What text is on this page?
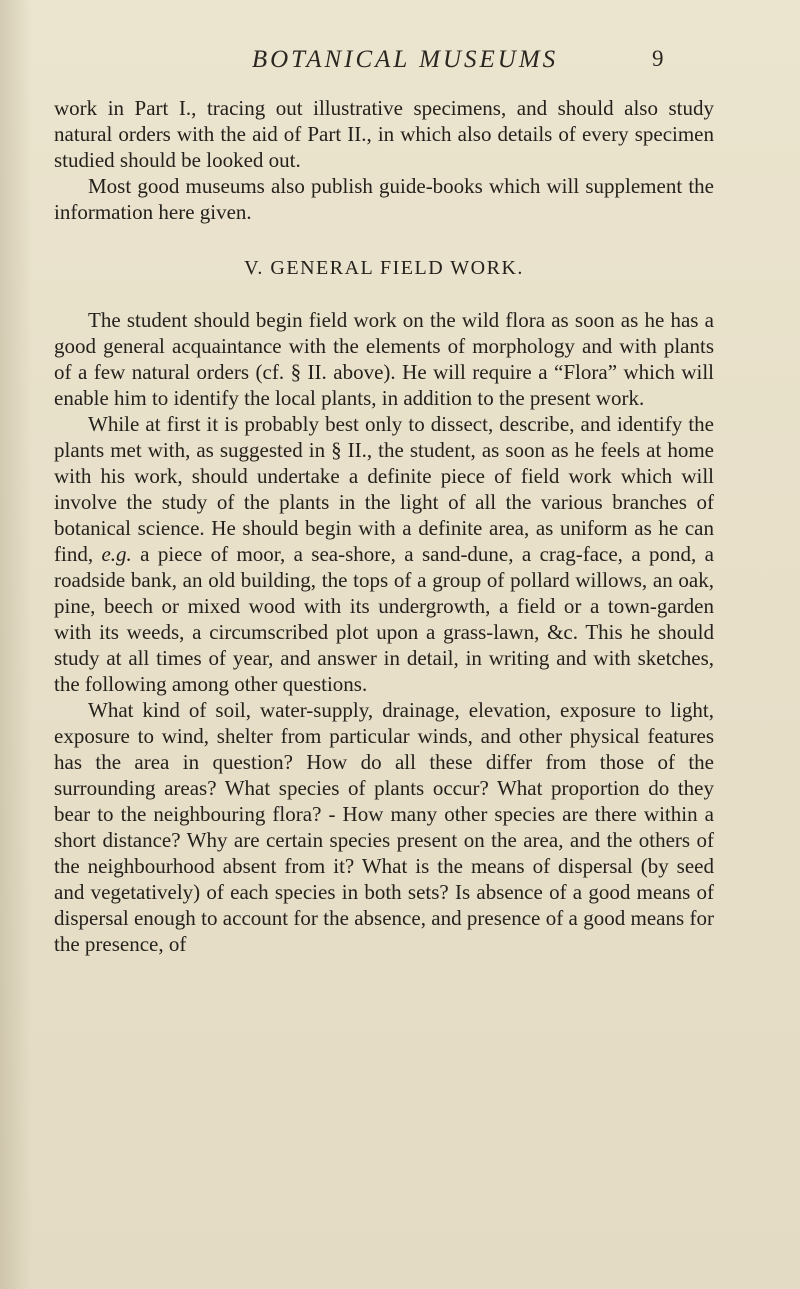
BOTANICAL MUSEUMS	9

work in Part I., tracing out illustrative specimens, and should also study natural orders with the aid of Part II., in which also details of every specimen studied should be looked out.

Most good museums also publish guide-books which will supplement the information here given.

V. GENERAL FIELD WORK.

The student should begin field work on the wild flora as soon as he has a good general acquaintance with the elements of morphology and with plants of a few natural orders (cf. § II. above). He will require a “Flora” which will enable him to identify the local plants, in addition to the present work.

While at first it is probably best only to dissect, describe, and identify the plants met with, as suggested in § II., the student, as soon as he feels at home with his work, should undertake a definite piece of field work which will involve the study of the plants in the light of all the various branches of botanical science. He should begin with a definite area, as uniform as he can find, e.g. a piece of moor, a sea-shore, a sand-dune, a crag-face, a pond, a roadside bank, an old building, the tops of a group of pollard willows, an oak, pine, beech or mixed wood with its undergrowth, a field or a town-garden with its weeds, a circumscribed plot upon a grass-lawn, &c. This he should study at all times of year, and answer in detail, in writing and with sketches, the following among other questions.

What kind of soil, water-supply, drainage, elevation, exposure to light, exposure to wind, shelter from particular winds, and other physical features has the area in question? How do all these differ from those of the surrounding areas? What species of plants occur? What proportion do they bear to the neighbouring flora? - How many other species are there within a short distance? Why are certain species present on the area, and the others of the neighbourhood absent from it? What is the means of dispersal (by seed and vegetatively) of each species in both sets? Is absence of a good means of dispersal enough to account for the absence, and presence of a good means for the presence, of
